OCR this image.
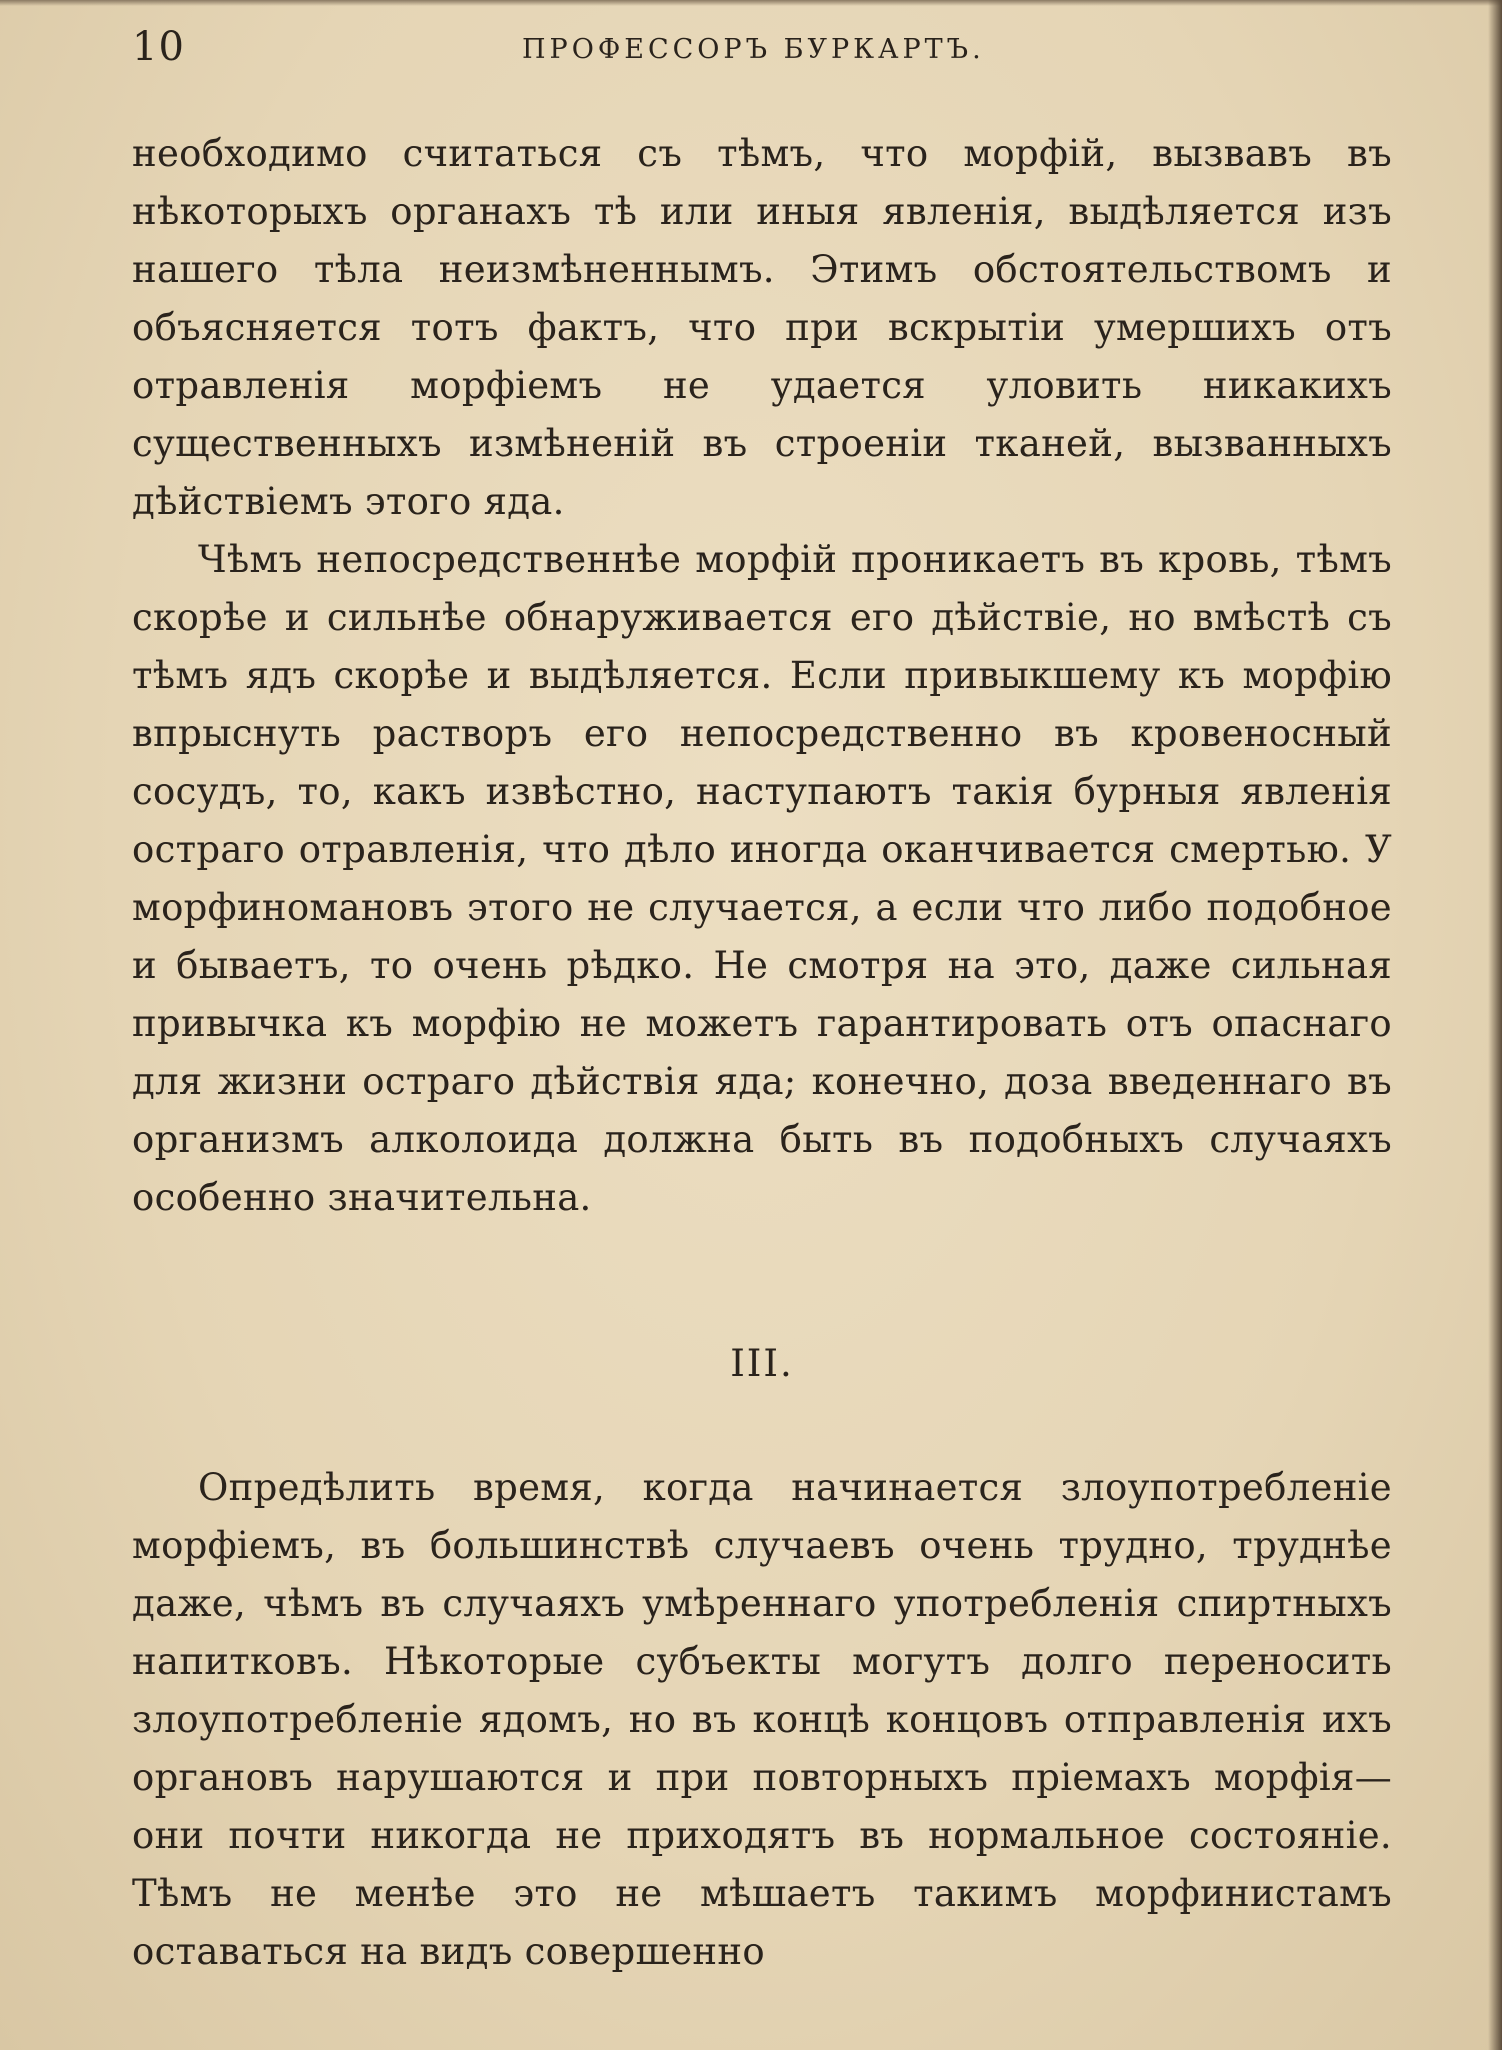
10	ПРОФЕССОРЪ БУРКАРТЪ.

необходимо считаться съ тѣмъ, что морфій, вызвавъ въ нѣкоторыхъ органахъ тѣ или иныя явленія, выдѣляется изъ нашего тѣла неизмѣненнымъ. Этимъ обстоятельствомъ и объясняется тотъ фактъ, что при вскрытіи умершихъ отъ отравленія морфіемъ не удается уловить никакихъ существенныхъ измѣненій въ строеніи тканей, вызванныхъ дѣйствіемъ этого яда.

Чѣмъ непосредственнѣе морфій проникаетъ въ кровь, тѣмъ скорѣе и сильнѣе обнаруживается его дѣйствіе, но вмѣстѣ съ тѣмъ ядъ скорѣе и выдѣляется. Если привыкшему къ морфію впрыснуть растворъ его непосредственно въ кровеносный сосудъ, то, какъ извѣстно, наступаютъ такія бурныя явленія остраго отравленія, что дѣло иногда оканчивается смертью. У морфиномановъ этого не случается, а если что либо подобное и бываетъ, то очень рѣдко. Не смотря на это, даже сильная привычка къ морфію не можетъ гарантировать отъ опаснаго для жизни остраго дѣйствія яда; конечно, доза введеннаго въ организмъ алколоида должна быть въ подобныхъ случаяхъ особенно значительна.

III.

Опредѣлить время, когда начинается злоупотребленіе морфіемъ, въ большинствѣ случаевъ очень трудно, труднѣе даже, чѣмъ въ случаяхъ умѣреннаго употребленія спиртныхъ напитковъ. Нѣкоторые субъекты могутъ долго переносить злоупотребленіе ядомъ, но въ концѣ концовъ отправленія ихъ органовъ нарушаются и при повторныхъ пріемахъ морфія—они почти никогда не приходятъ въ нормальное состояніе. Тѣмъ не менѣе это не мѣшаетъ такимъ морфинистамъ оставаться на видъ совершенно
